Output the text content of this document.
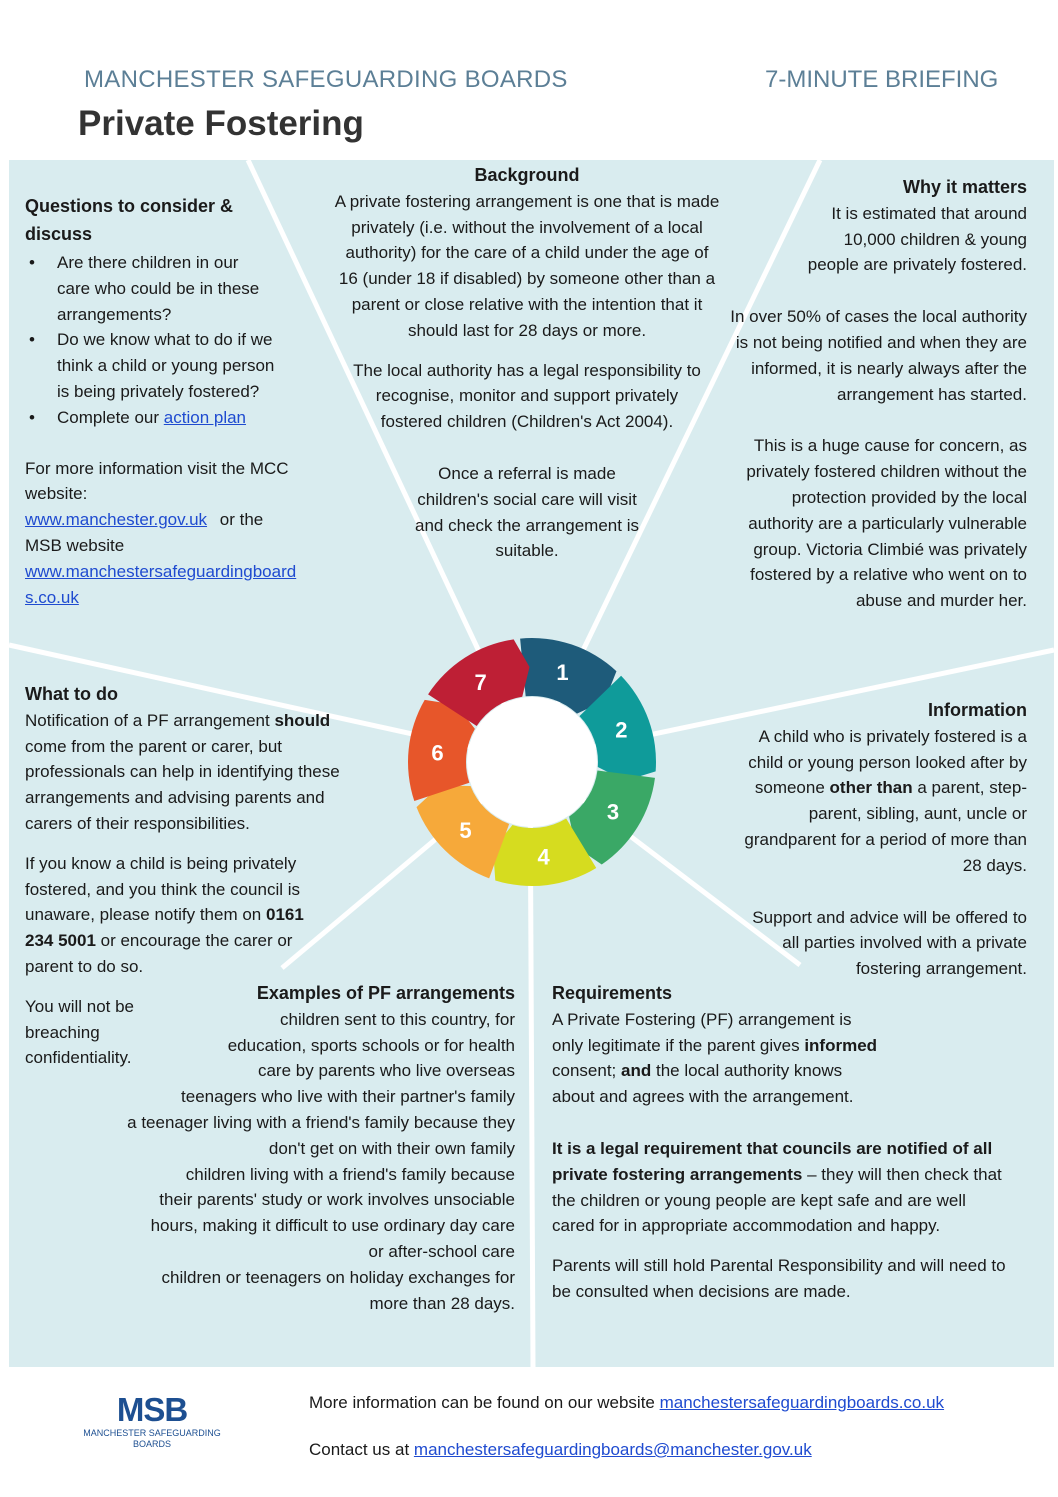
MANCHESTER SAFEGUARDING BOARDS	7-MINUTE BRIEFING
Private Fostering
Questions to consider & discuss
• Are there children in our care who could be in these arrangements?
• Do we know what to do if we think a child or young person is being privately fostered?
• Complete our action plan
For more information visit the MCC website:
www.manchester.gov.uk or the MSB website
www.manchestersafeguardingboards.co.uk
Background
A private fostering arrangement is one that is made privately (i.e. without the involvement of a local authority) for the care of a child under the age of 16 (under 18 if disabled) by someone other than a parent or close relative with the intention that it should last for 28 days or more.
The local authority has a legal responsibility to recognise, monitor and support privately fostered children (Children's Act 2004).
Once a referral is made children's social care will visit and check the arrangement is suitable.
Why it matters
It is estimated that around 10,000 children & young people are privately fostered.
In over 50% of cases the local authority is not being notified and when they are informed, it is nearly always after the arrangement has started.
This is a huge cause for concern, as privately fostered children without the protection provided by the local authority are a particularly vulnerable group. Victoria Climbié was privately fostered by a relative who went on to abuse and murder her.
What to do
Notification of a PF arrangement should come from the parent or carer, but professionals can help in identifying these arrangements and advising parents and carers of their responsibilities.
If you know a child is being privately fostered, and you think the council is unaware, please notify them on 0161 234 5001 or encourage the carer or parent to do so.
You will not be breaching confidentiality.
Information
A child who is privately fostered is a child or young person looked after by someone other than a parent, step-parent, sibling, aunt, uncle or grandparent for a period of more than 28 days.
Support and advice will be offered to all parties involved with a private fostering arrangement.
Examples of PF arrangements
children sent to this country, for education, sports schools or for health care by parents who live overseas
teenagers who live with their partner's family
a teenager living with a friend's family because they don't get on with their own family
children living with a friend's family because their parents' study or work involves unsociable hours, making it difficult to use ordinary day care or after-school care
children or teenagers on holiday exchanges for more than 28 days.
Requirements
A Private Fostering (PF) arrangement is only legitimate if the parent gives informed consent; and the local authority knows about and agrees with the arrangement.
It is a legal requirement that councils are notified of all private fostering arrangements – they will then check that the children or young people are kept safe and are well cared for in appropriate accommodation and happy.
Parents will still hold Parental Responsibility and will need to be consulted when decisions are made.
1
2
3
4
5
6
7
MSB
MANCHESTER SAFEGUARDING
BOARDS
More information can be found on our website manchestersafeguardingboards.co.uk
Contact us at manchestersafeguardingboards@manchester.gov.uk
